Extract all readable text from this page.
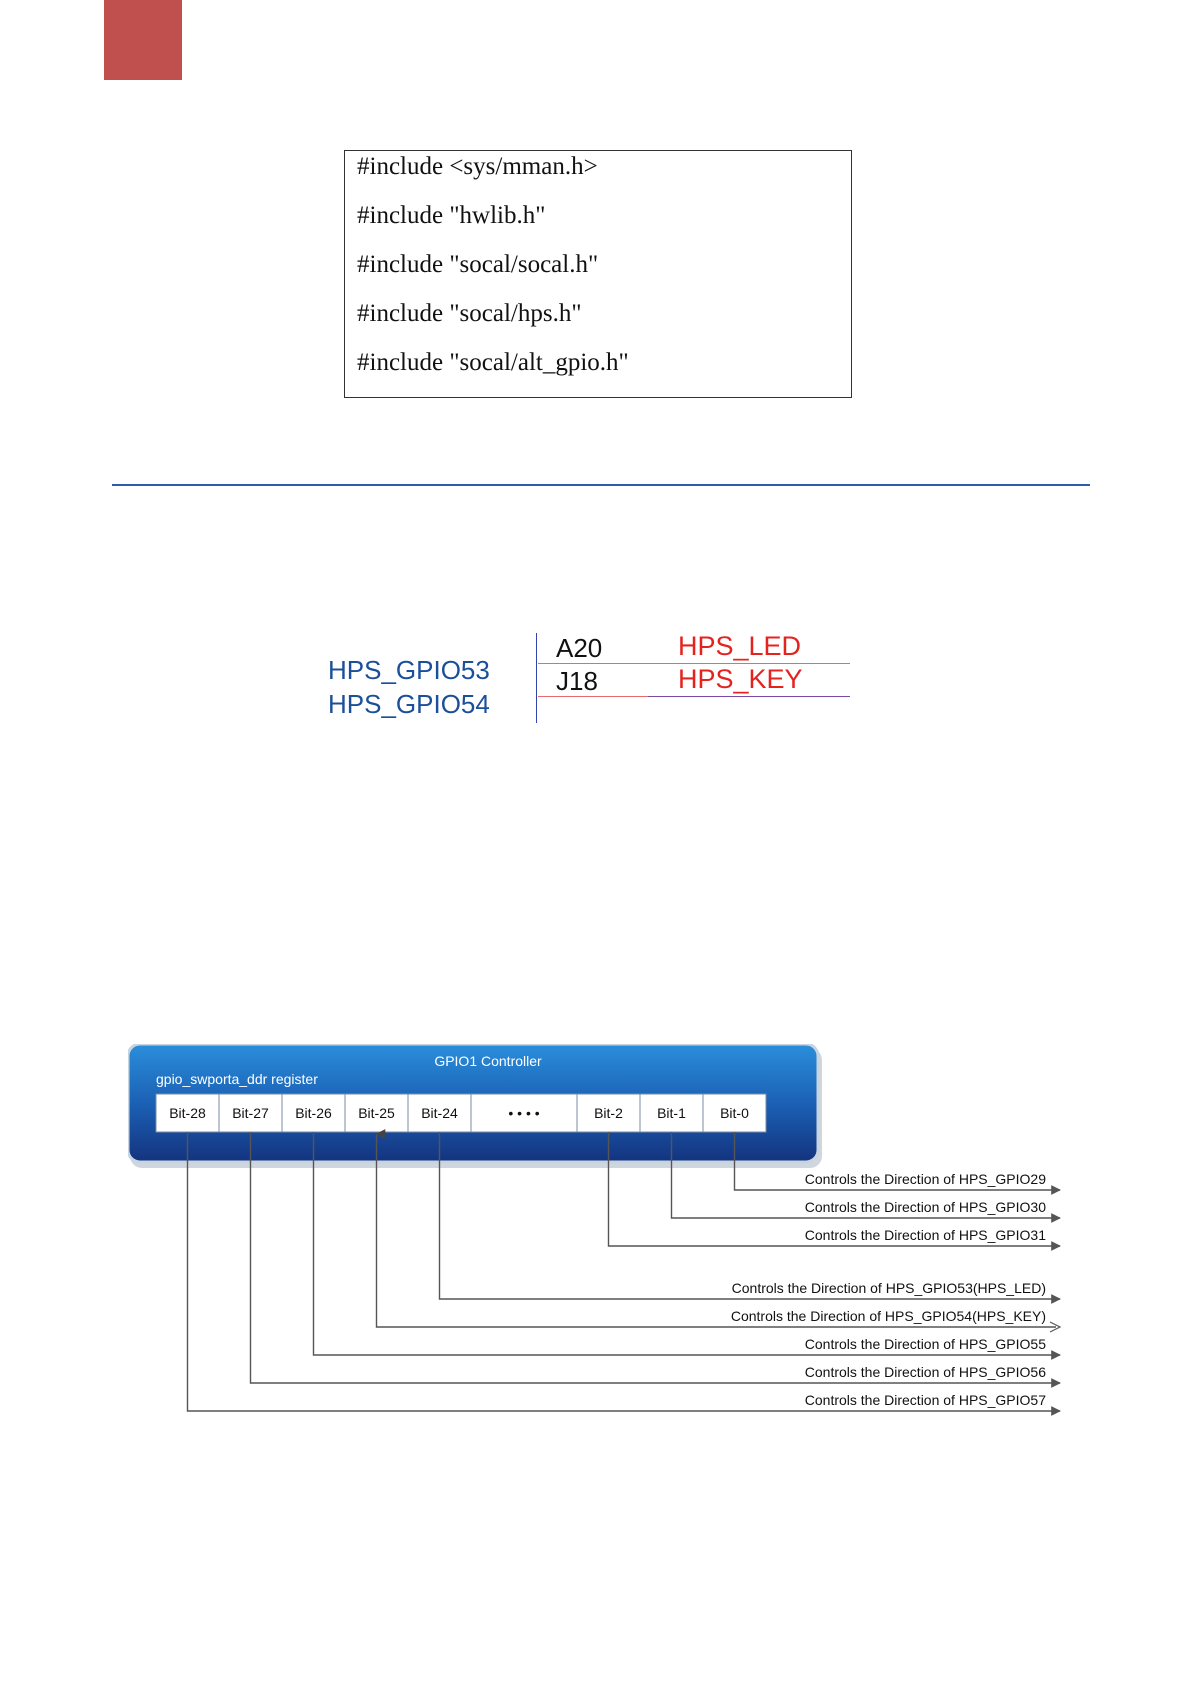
#include <sys/mman.h>
#include "hwlib.h"
#include "socal/socal.h"
#include "socal/hps.h"
#include "socal/alt_gpio.h"
HPS_GPIO53
HPS_GPIO54
A20
J18
HPS_LED
HPS_KEY
GPIO1 Controller
gpio_swporta_ddr register
Bit-28 Bit-27 Bit-26 Bit-25 Bit-24	• • • •	Bit-2 Bit-1 Bit-0
Controls the Direction of HPS_GPIO29
Controls the Direction of HPS_GPIO30
Controls the Direction of HPS_GPIO31
Controls the Direction of HPS_GPIO53(HPS_LED)
Controls the Direction of HPS_GPIO54(HPS_KEY)
Controls the Direction of HPS_GPIO55
Controls the Direction of HPS_GPIO56
Controls the Direction of HPS_GPIO57
